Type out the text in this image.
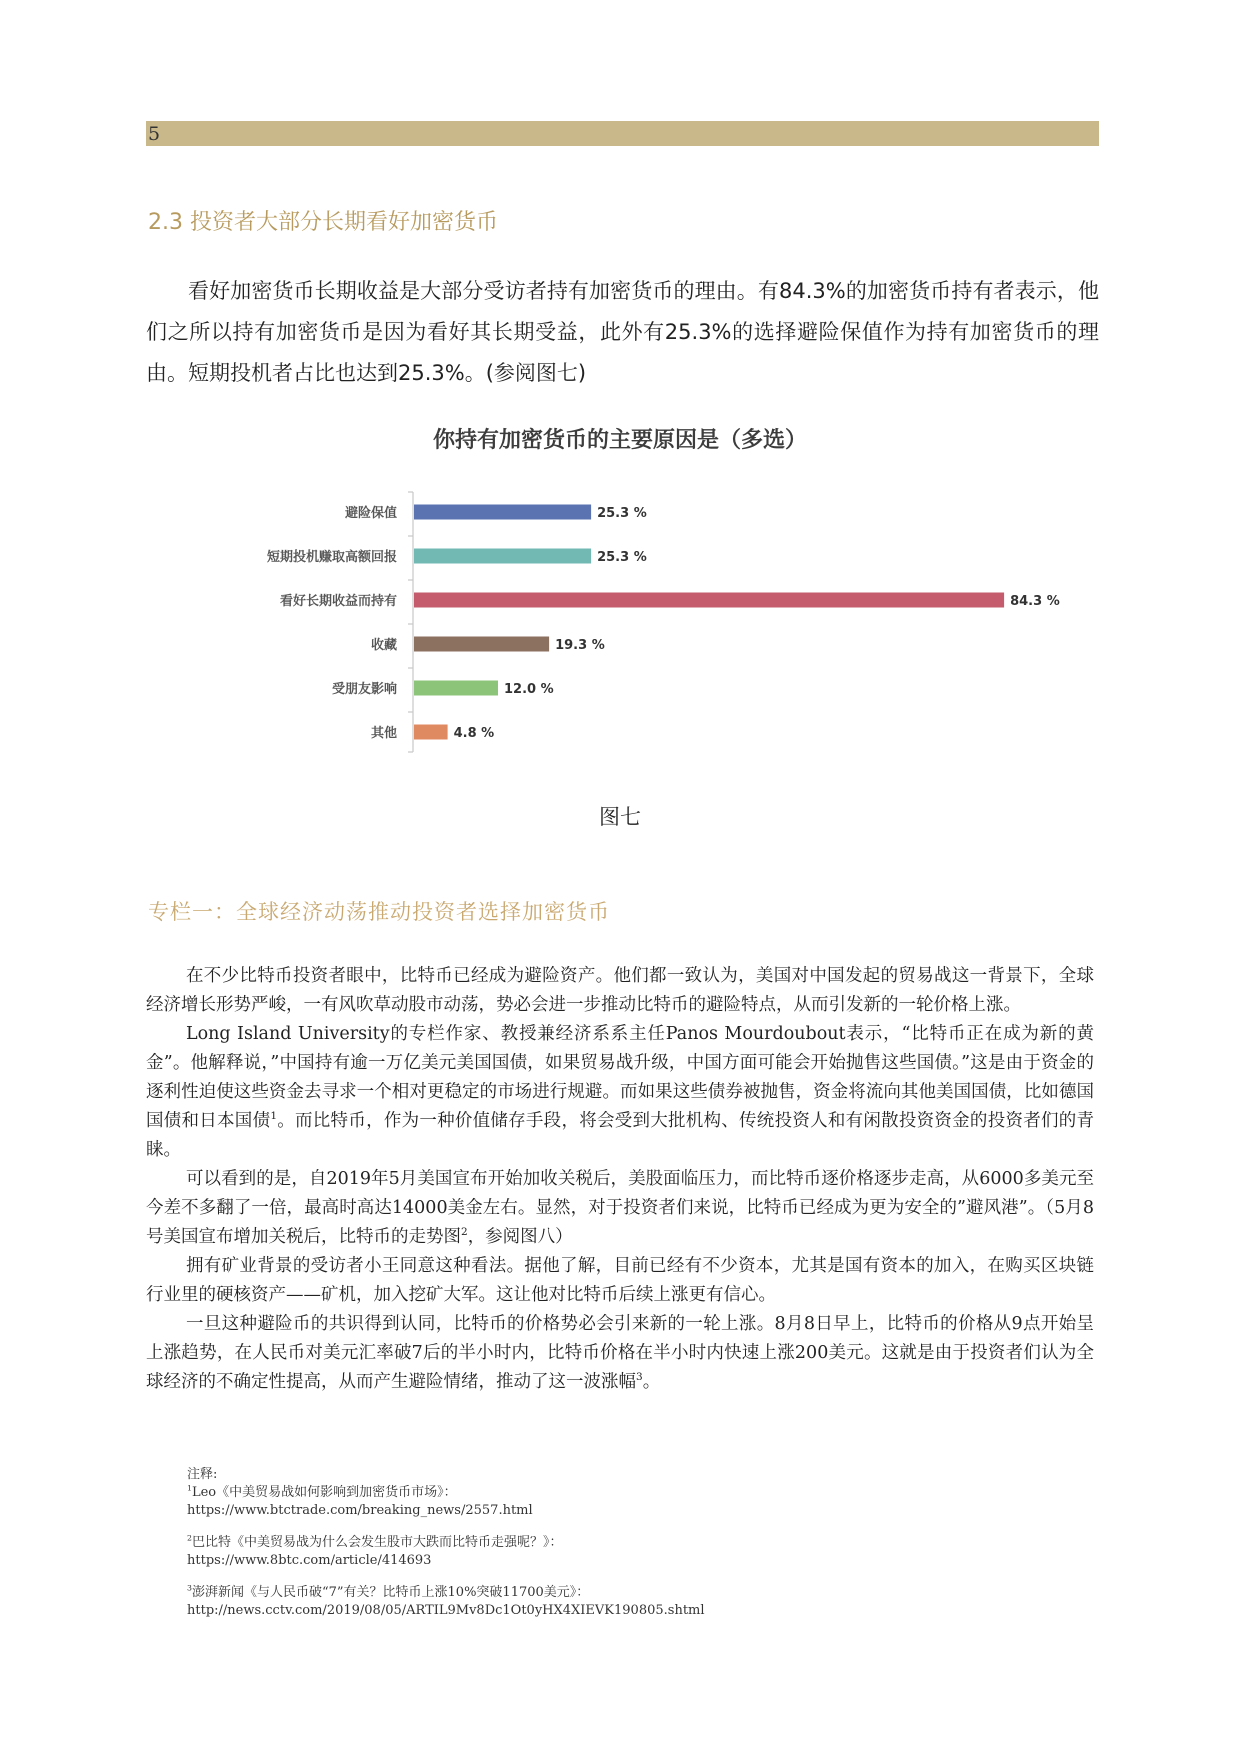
5
2.3 投资者大部分长期看好加密货币

看好加密货币长期收益是大部分受访者持有加密货币的理由。有84.3%的加密货币持有者表示，他们之所以持有加密货币是因为看好其长期受益，此外有25.3%的选择避险保值作为持有加密货币的理由。短期投机者占比也达到25.3%。(参阅图七)

你持有加密货币的主要原因是（多选）
避险保值	25.3 %
短期投机赚取高额回报	25.3 %
看好长期收益而持有	84.3 %
收藏	19.3 %
受朋友影响	12.0 %
其他	4.8 %
图七
专栏一：全球经济动荡推动投资者选择加密货币

在不少比特币投资者眼中，比特币已经成为避险资产。他们都一致认为，美国对中国发起的贸易战这一背景下，全球经济增长形势严峻，一有风吹草动股市动荡，势必会进一步推动比特币的避险特点，从而引发新的一轮价格上涨。

Long Island University的专栏作家、教授兼经济系系主任Panos Mourdoubout表示，“比特币正在成为新的黄金”。他解释说，”中国持有逾一万亿美元美国国债，如果贸易战升级，中国方面可能会开始抛售这些国债。”这是由于资金的逐利性迫使这些资金去寻求一个相对更稳定的市场进行规避。而如果这些债券被抛售，资金将流向其他美国国债，比如德国国债和日本国债$^1$。而比特币，作为一种价值储存手段，将会受到大批机构、传统投资人和有闲散投资资金的投资者们的青睐。

可以看到的是，自2019年5月美国宣布开始加收关税后，美股面临压力，而比特币逐价格逐步走高，从6000多美元至今差不多翻了一倍，最高时高达14000美金左右。显然，对于投资者们来说，比特币已经成为更为安全的”避风港”。（5月8号美国宣布增加关税后，比特币的走势图$^2$，参阅图八）

拥有矿业背景的受访者小王同意这种看法。据他了解，目前已经有不少资本，尤其是国有资本的加入，在购买区块链行业里的硬核资产——矿机，加入挖矿大军。这让他对比特币后续上涨更有信心。

一旦这种避险币的共识得到认同，比特币的价格势必会引来新的一轮上涨。8月8日早上，比特币的价格从9点开始呈上涨趋势，在人民币对美元汇率破7后的半小时内，比特币价格在半小时内快速上涨200美元。这就是由于投资者们认为全球经济的不确定性提高，从而产生避险情绪，推动了这一波涨幅$^3$。

注释:
$^1$Leo《中美贸易战如何影响到加密货币市场》：
https://www.btctrade.com/breaking_news/2557.html
$^2$巴比特《中美贸易战为什么会发生股市大跌而比特币走强呢？》：
https://www.8btc.com/article/414693
$^3$澎湃新闻《与人民币破“7”有关？比特币上涨10%突破11700美元》：
http://news.cctv.com/2019/08/05/ARTIL9Mv8Dc1Ot0yHX4XIEVK190805.shtml
